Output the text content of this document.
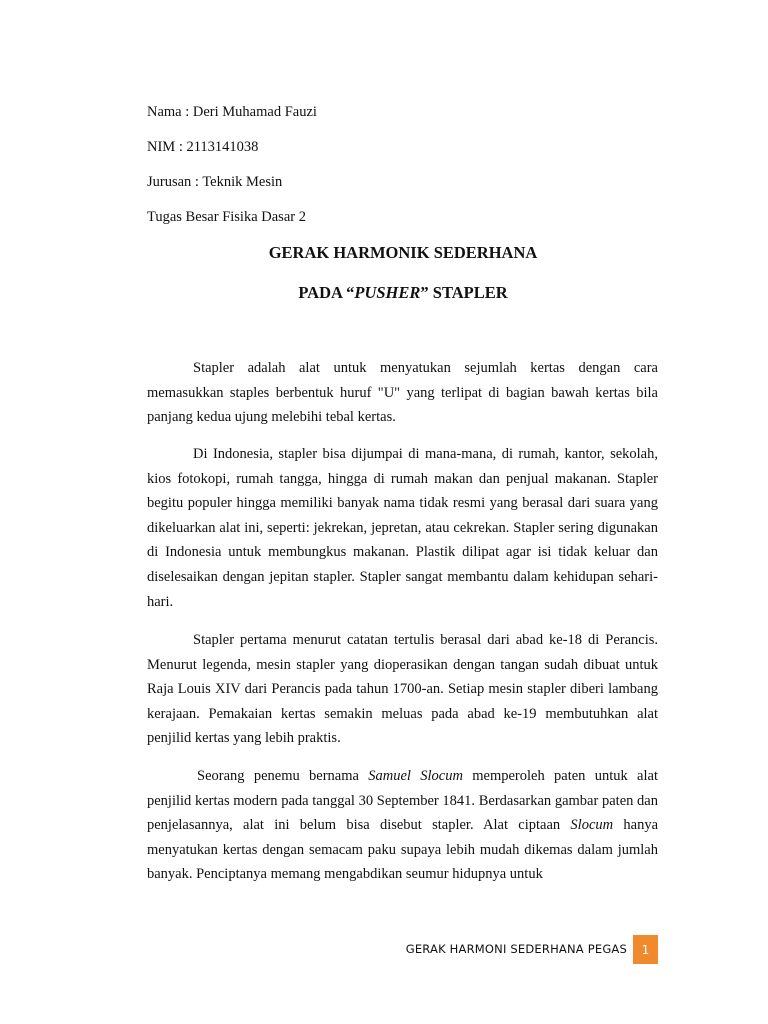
Nama : Deri Muhamad Fauzi
NIM : 2113141038
Jurusan : Teknik Mesin
Tugas Besar Fisika Dasar 2
GERAK HARMONIK SEDERHANA
PADA “PUSHER” STAPLER
Stapler adalah alat untuk menyatukan sejumlah kertas dengan cara memasukkan staples berbentuk huruf "U" yang terlipat di bagian bawah kertas bila panjang kedua ujung melebihi tebal kertas.
Di Indonesia, stapler bisa dijumpai di mana-mana, di rumah, kantor, sekolah, kios fotokopi, rumah tangga, hingga di rumah makan dan penjual makanan. Stapler begitu populer hingga memiliki banyak nama tidak resmi yang berasal dari suara yang dikeluarkan alat ini, seperti: jekrekan, jepretan, atau cekrekan. Stapler sering digunakan di Indonesia untuk membungkus makanan. Plastik dilipat agar isi tidak keluar dan diselesaikan dengan jepitan stapler. Stapler sangat membantu dalam kehidupan sehari-hari.
Stapler pertama menurut catatan tertulis berasal dari abad ke-18 di Perancis. Menurut legenda, mesin stapler yang dioperasikan dengan tangan sudah dibuat untuk Raja Louis XIV dari Perancis pada tahun 1700-an. Setiap mesin stapler diberi lambang kerajaan. Pemakaian kertas semakin meluas pada abad ke-19 membutuhkan alat penjilid kertas yang lebih praktis.
Seorang penemu bernama Samuel Slocum memperoleh paten untuk alat penjilid kertas modern pada tanggal 30 September 1841. Berdasarkan gambar paten dan penjelasannya, alat ini belum bisa disebut stapler. Alat ciptaan Slocum hanya menyatukan kertas dengan semacam paku supaya lebih mudah dikemas dalam jumlah banyak. Penciptanya memang mengabdikan seumur hidupnya untuk
GERAK HARMONI SEDERHANA PEGAS	1
